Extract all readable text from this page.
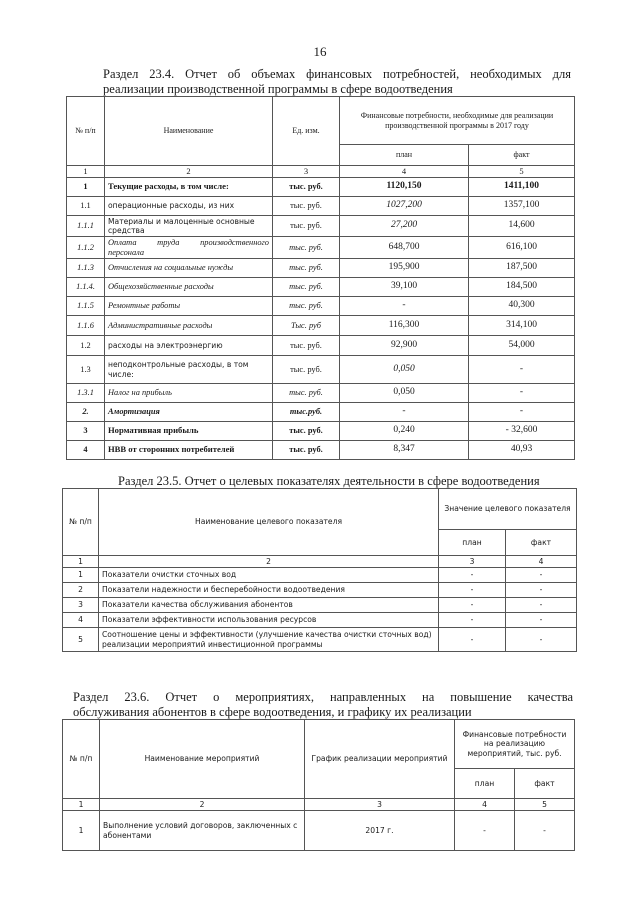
16
Раздел 23.4. Отчет об объемах финансовых потребностей, необходимых для
реализации производственной программы в сфере водоотведения
№ п/п	Наименование	Ед. изм.	Финансовые потребности, необходимые для реализации производственной программы в 2017 году	
			план	факт
1	2	3	4	5
1	Текущие расходы, в том числе:	тыс. руб.	1120,150	1411,100
1.1	операционные расходы, из них	тыс. руб.	1027,200	1357,100
1.1.1	Материалы и малоценные основные средства	тыс. руб.	27,200	14,600
1.1.2	Оплата труда производственного персонала	тыс. руб.	648,700	616,100
1.1.3	Отчисления на социальные нужды	тыс. руб.	195,900	187,500
1.1.4.	Общехозяйственные расходы	тыс. руб.	39,100	184,500
1.1.5	Ремонтные работы	тыс. руб.	-	40,300
1.1.6	Административные расходы	Тыс. руб	116,300	314,100
1.2	расходы на электроэнергию	тыс. руб.	92,900	54,000
1.3	неподконтрольные расходы, в том числе:	тыс. руб.	0,050	-
1.3.1	Налог на прибыль	тыс. руб.	0,050	-
2.	Амортизация	тыс.руб.	-	-
3	Нормативная прибыль	тыс. руб.	0,240	- 32,600
4	НВВ от сторонних потребителей	тыс. руб.	8,347	40,93
Раздел 23.5. Отчет о целевых показателях деятельности в сфере водоотведения
№ п/п	Наименование целевого показателя	Значение целевого показателя	
		план	факт
1	2	3	4
1	Показатели очистки сточных вод	-	-
2	Показатели надежности и бесперебойности водоотведения	-	-
3	Показатели качества обслуживания абонентов	-	-
4	Показатели эффективности использования ресурсов	-	-
5	Соотношение цены и эффективности (улучшение качества очистки сточных вод) реализации мероприятий инвестиционной программы	-	-
Раздел 23.6. Отчет о мероприятиях, направленных на повышение качества
обслуживания абонентов в сфере водоотведения, и графику их реализации
№ п/п	Наименование мероприятий	График реализации мероприятий	Финансовые потребности на реализацию мероприятий, тыс. руб.	
			план	факт
1	2	3	4	5
1	Выполнение условий договоров, заключенных с абонентами	2017 г.	-	-
